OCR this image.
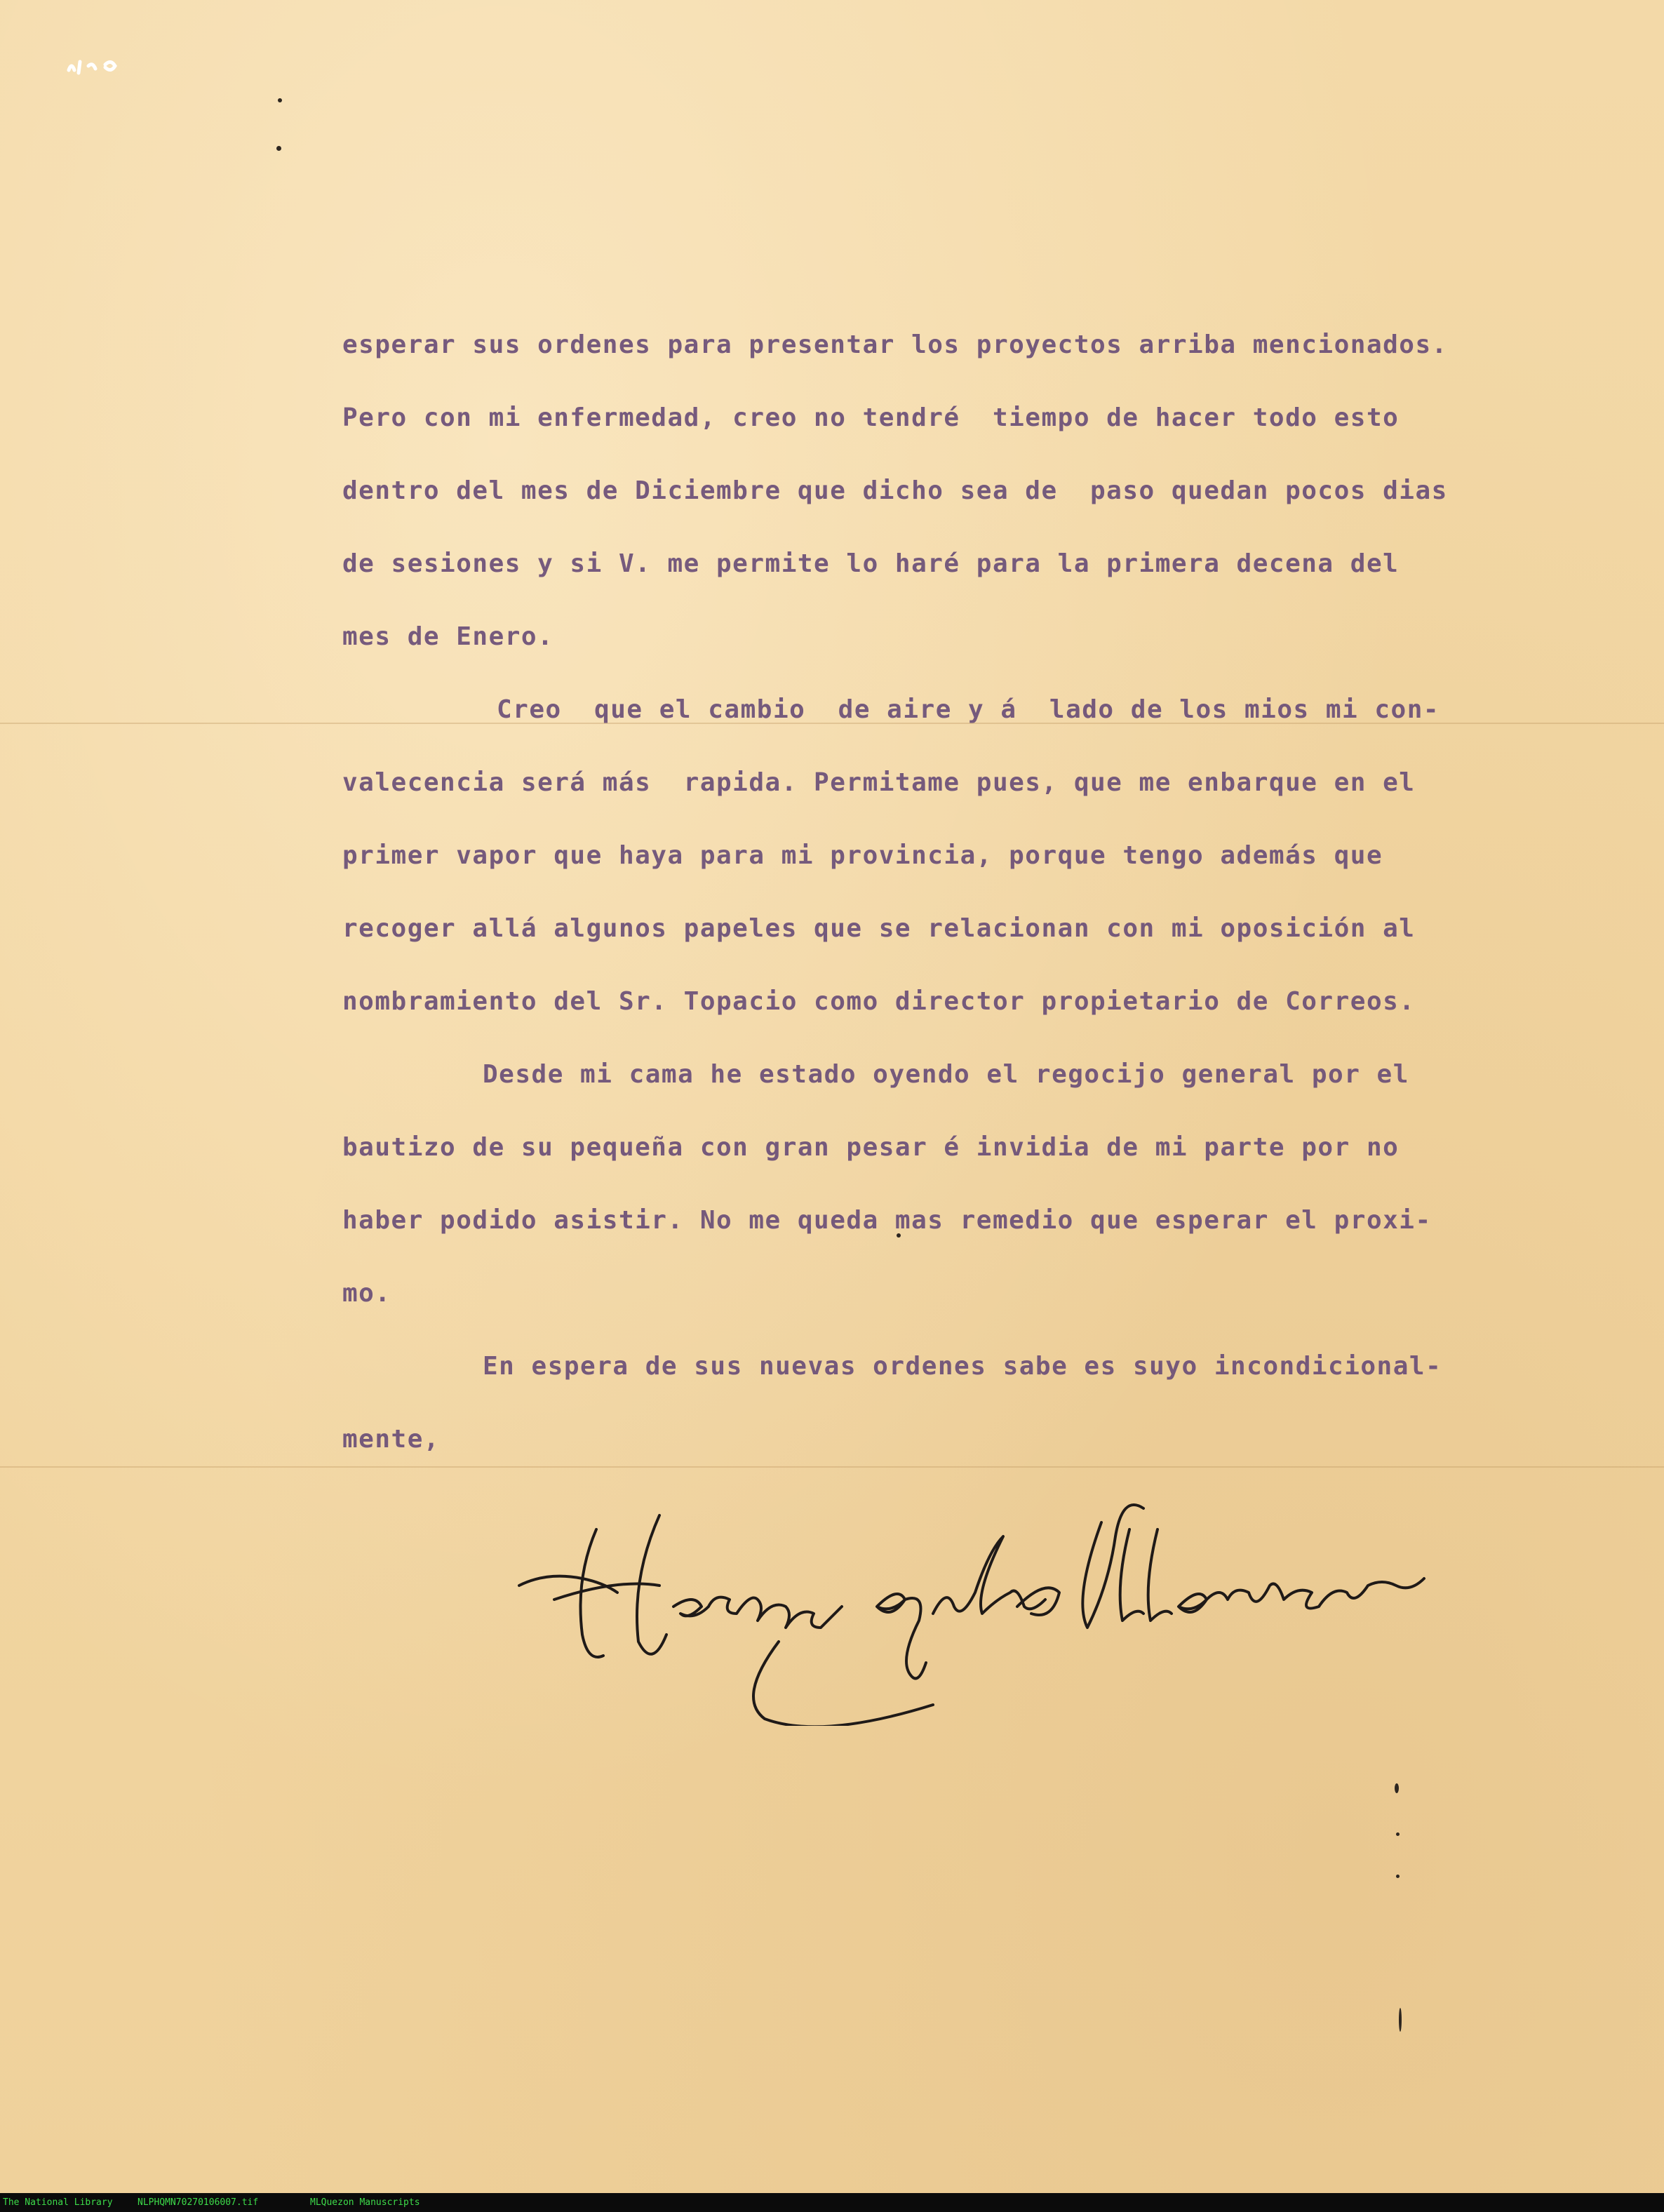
esperar sus ordenes para presentar los proyectos arriba mencionados.
Pero con mi enfermedad, creo no tendré  tiempo de hacer todo esto
dentro del mes de Diciembre que dicho sea de  paso quedan pocos dias
de sesiones y si V. me permite lo haré para la primera decena del
mes de Enero.
Creo  que el cambio  de aire y á  lado de los mios mi con-
valecencia será más  rapida. Permitame pues, que me enbarque en el
primer vapor que haya para mi provincia, porque tengo además que
recoger allá algunos papeles que se relacionan con mi oposición al
nombramiento del Sr. Topacio como director propietario de Correos.
Desde mi cama he estado oyendo el regocijo general por el
bautizo de su pequeña con gran pesar é invidia de mi parte por no
haber podido asistir. No me queda mas remedio que esperar el proxi-
mo.
En espera de sus nuevas ordenes sabe es suyo incondicional-
mente,
The National Library	NLPHQMN70270106007.tif	MLQuezon Manuscripts
